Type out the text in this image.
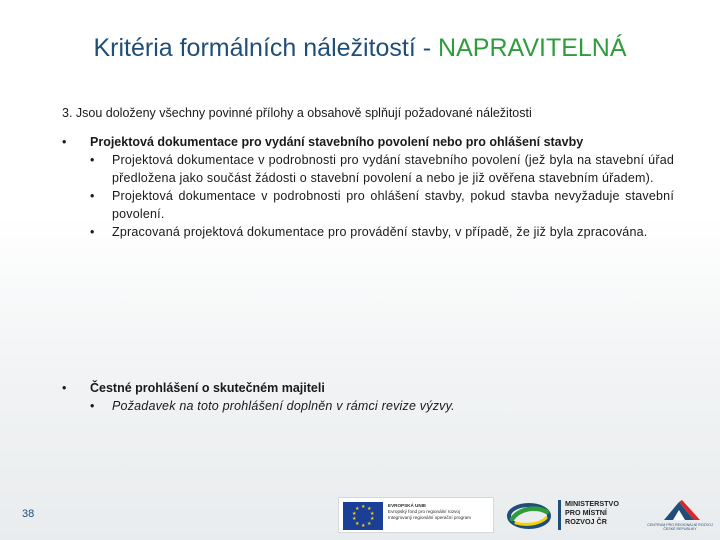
Kritéria formálních náležitostí - NAPRAVITELNÁ
3. Jsou doloženy všechny povinné přílohy a obsahově splňují požadované náležitosti
• Projektová dokumentace pro vydání stavebního povolení nebo pro ohlášení stavby
• Projektová dokumentace v podrobnosti pro vydání stavebního povolení (jež byla na stavební úřad předložena jako součást žádosti o stavební povolení a nebo je již ověřena stavebním úřadem).
• Projektová dokumentace v podrobnosti pro ohlášení stavby, pokud stavba nevyžaduje stavební povolení.
• Zpracovaná projektová dokumentace pro provádění stavby, v případě, že již byla zpracována.
• Čestné prohlášení o skutečném majiteli
• Požadavek na toto prohlášení doplněn v rámci revize výzvy.
38
★ ★
★
★
★
★
★
★
★
★
EVROPSKÁ UNIE
Evropský fond pro regionální rozvoj
Integrovaný regionální operační program
MINISTERSTVO
PRO MÍSTNÍ
ROZVOJ ČR	CENTRUM PRO REGIONÁLNÍ ROZVOJ ČESKÉ REPUBLIKY
